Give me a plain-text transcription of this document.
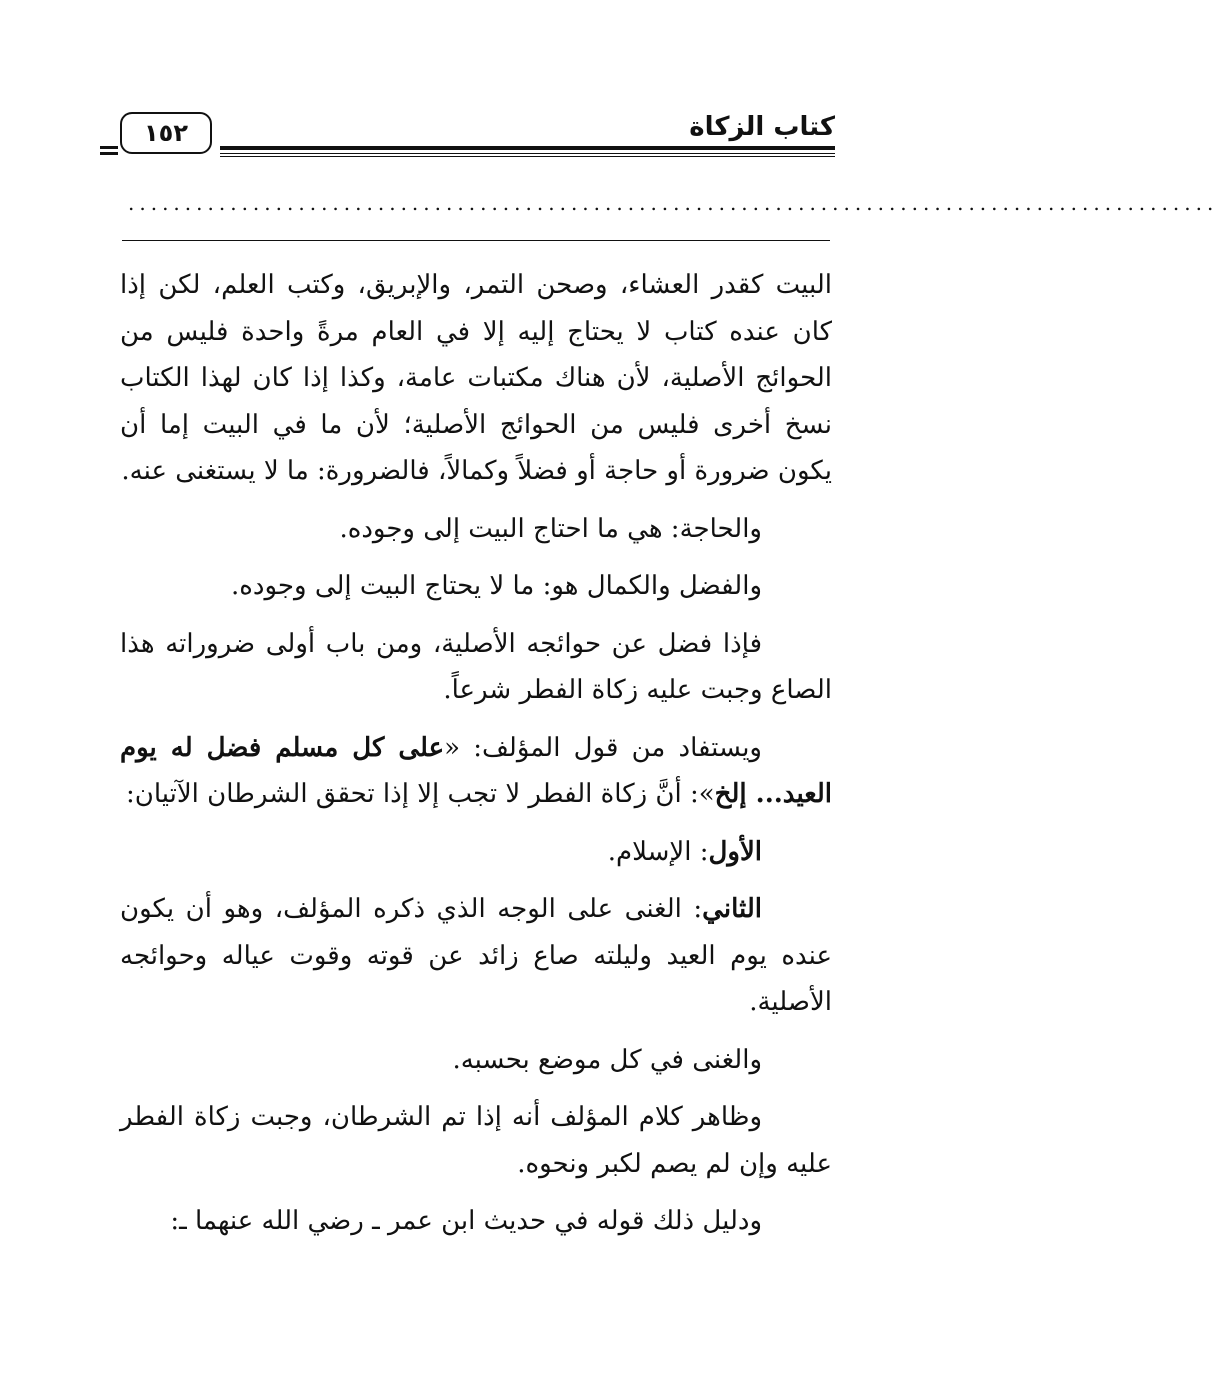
١٥٢	كتاب الزكاة
................................................................................................

البيت كقدر العشاء، وصحن التمر، والإبريق، وكتب العلم، لكن إذا كان عنده كتاب لا يحتاج إليه إلا في العام مرةً واحدة فليس من الحوائج الأصلية، لأن هناك مكتبات عامة، وكذا إذا كان لهذا الكتاب نسخ أخرى فليس من الحوائج الأصلية؛ لأن ما في البيت إما أن يكون ضرورة أو حاجة أو فضلاً وكمالاً، فالضرورة: ما لا يستغنى عنه.

والحاجة: هي ما احتاج البيت إلى وجوده.

والفضل والكمال هو: ما لا يحتاج البيت إلى وجوده.

فإذا فضل عن حوائجه الأصلية، ومن باب أولى ضروراته هذا الصاع وجبت عليه زكاة الفطر شرعاً.

ويستفاد من قول المؤلف: «على كل مسلم فضل له يوم العيد... إلخ»: أنَّ زكاة الفطر لا تجب إلا إذا تحقق الشرطان الآتيان:

الأول: الإسلام.

الثاني: الغنى على الوجه الذي ذكره المؤلف، وهو أن يكون عنده يوم العيد وليلته صاع زائد عن قوته وقوت عياله وحوائجه الأصلية.

والغنى في كل موضع بحسبه.

وظاهر كلام المؤلف أنه إذا تم الشرطان، وجبت زكاة الفطر عليه وإن لم يصم لكبر ونحوه.

ودليل ذلك قوله في حديث ابن عمر ـ رضي الله عنهما ـ:
